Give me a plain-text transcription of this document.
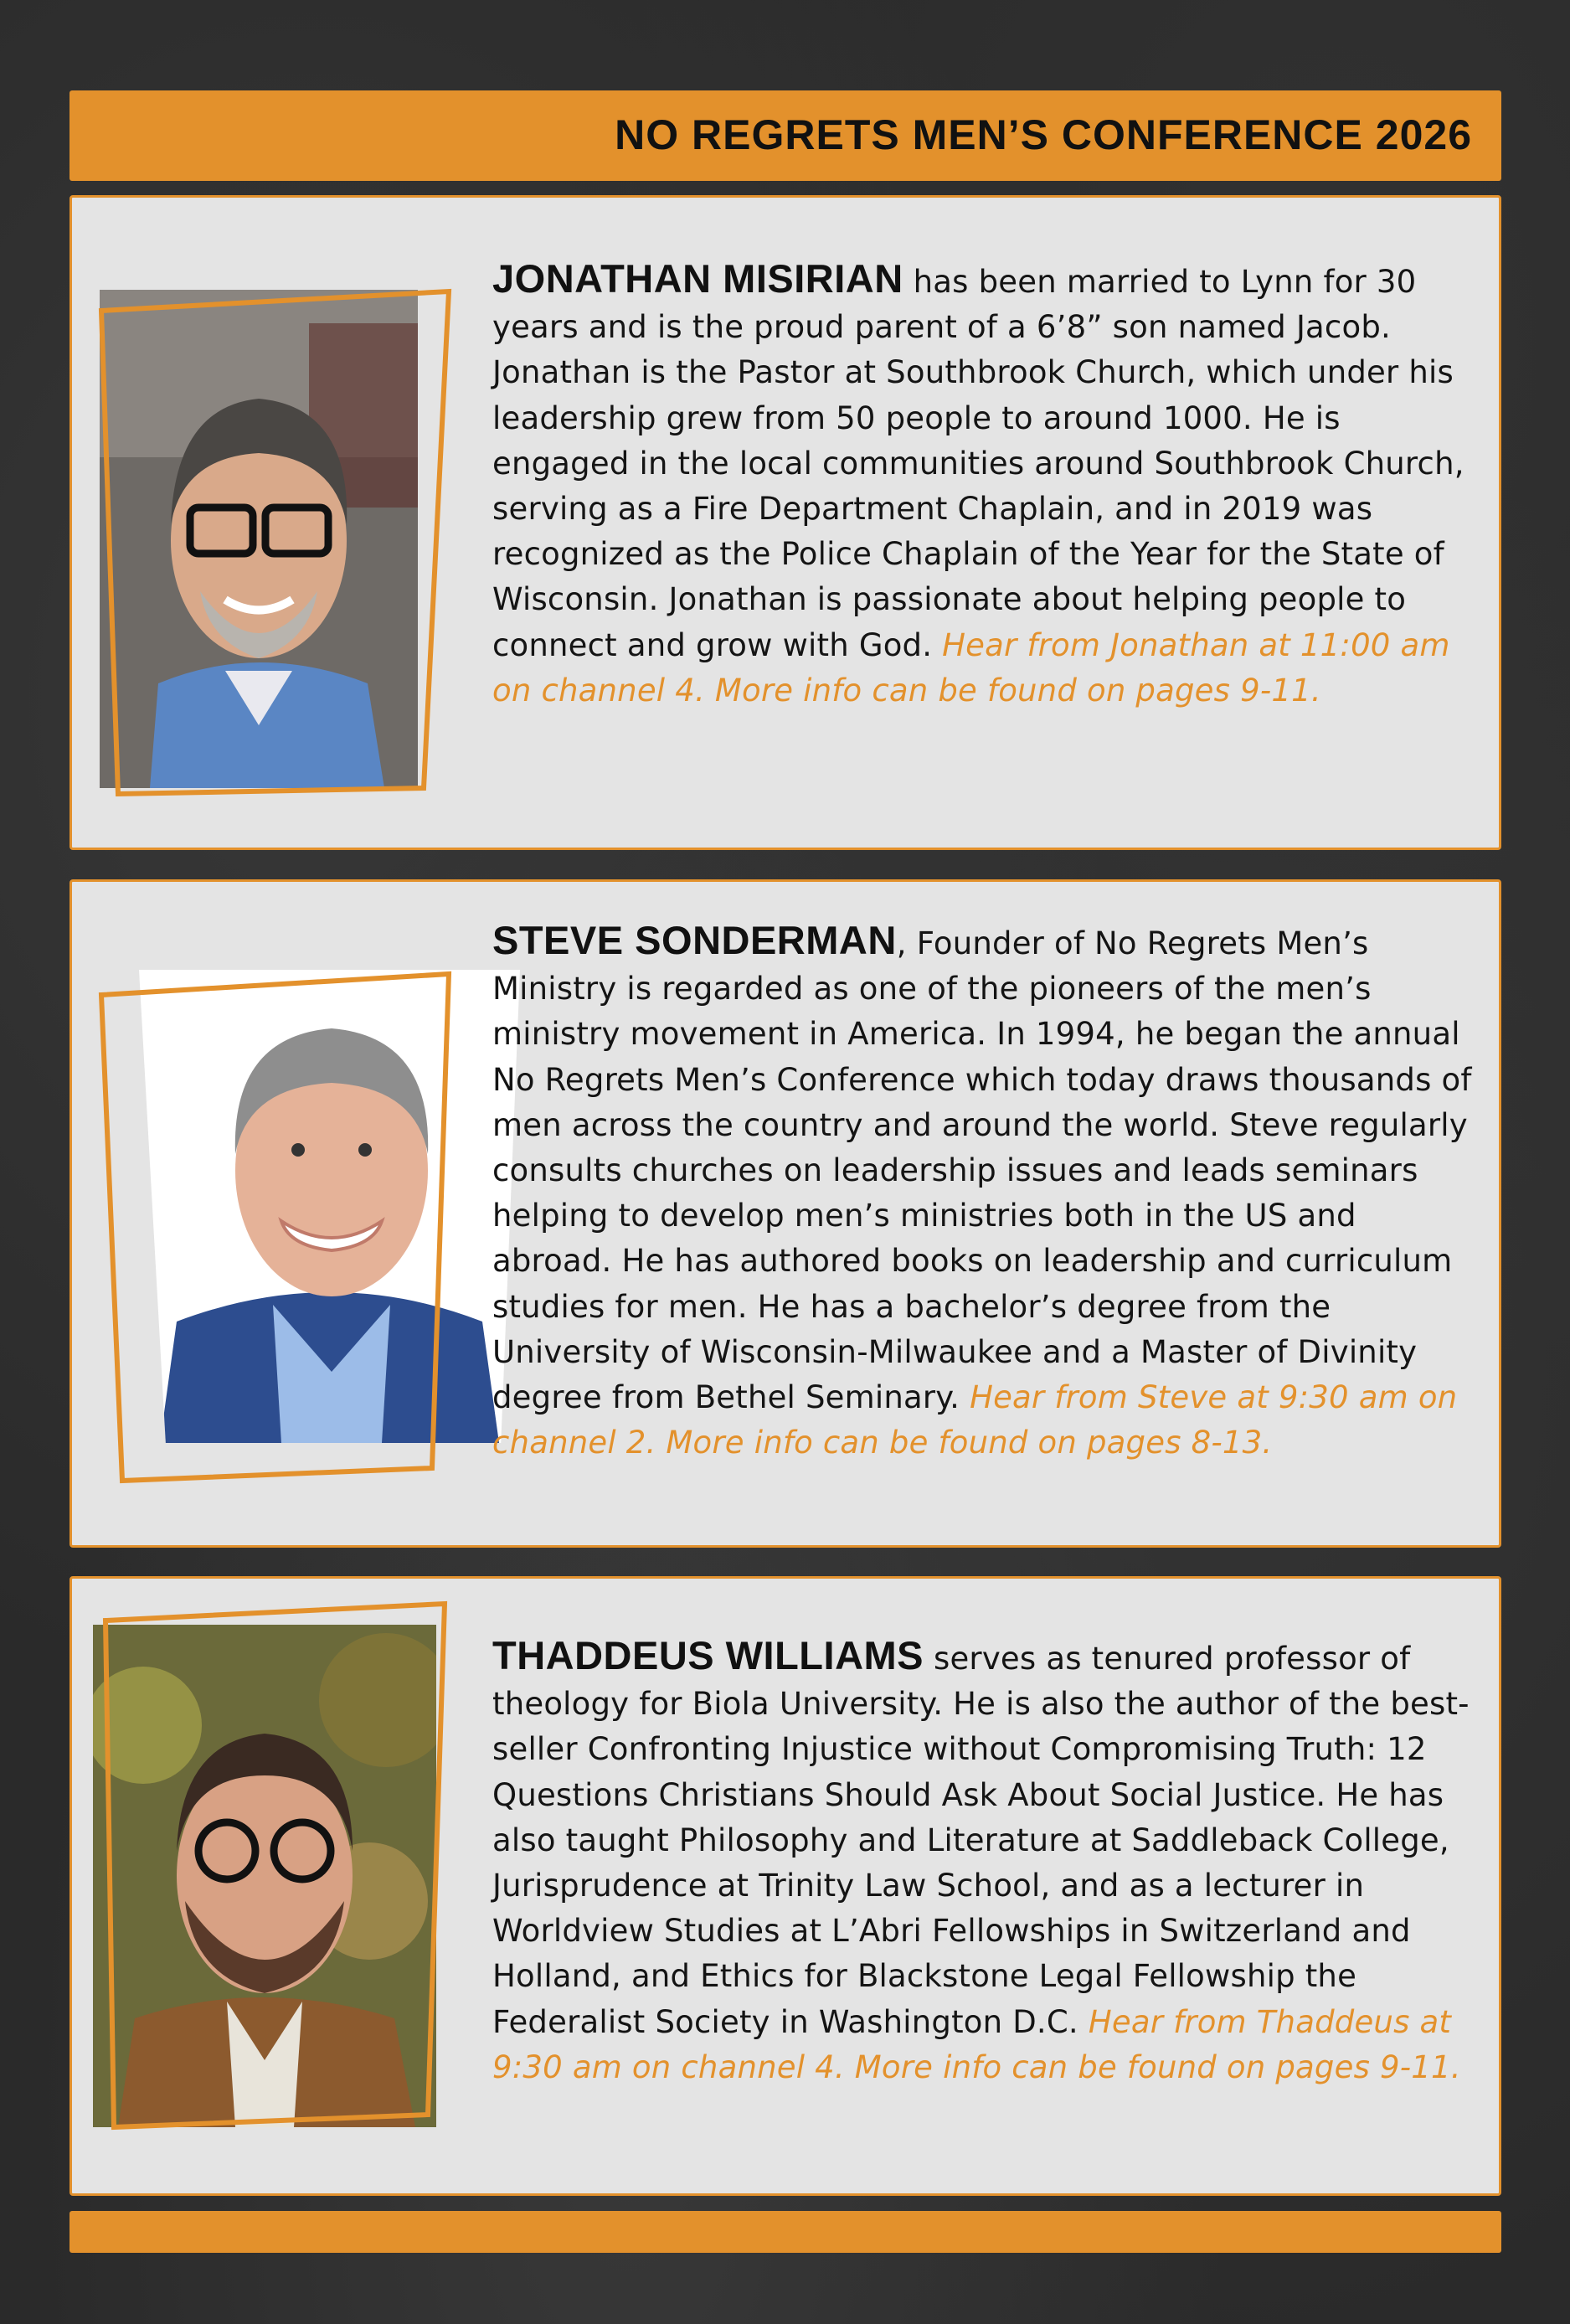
NO REGRETS MEN’S CONFERENCE 2026

JONATHAN MISIRIAN has been married to Lynn for 30 years and is the proud parent of a 6’8” son named Jacob. Jonathan is the Pastor at Southbrook Church, which under his leadership grew from 50 people to around 1000. He is engaged in the local communities around Southbrook Church, serving as a Fire Department Chaplain, and in 2019 was recognized as the Police Chaplain of the Year for the State of Wisconsin. Jonathan is passionate about helping people to connect and grow with God. Hear from Jonathan at 11:00 am on channel 4. More info can be found on pages 9-11.

STEVE SONDERMAN, Founder of No Regrets Men’s Ministry is regarded as one of the pioneers of the men’s ministry movement in America. In 1994, he began the annual No Regrets Men’s Conference which today draws thousands of men across the country and around the world. Steve regularly consults churches on leadership issues and leads seminars helping to develop men’s ministries both in the US and abroad. He has authored books on leadership and curriculum studies for men. He has a bachelor’s degree from the University of Wisconsin-Milwaukee and a Master of Divinity degree from Bethel Seminary. Hear from Steve at 9:30 am on channel 2. More info can be found on pages 8-13.

THADDEUS WILLIAMS serves as tenured professor of theology for Biola University. He is also the author of the best-seller Confronting Injustice without Compromising Truth: 12 Questions Christians Should Ask About Social Justice. He has also taught Philosophy and Literature at Saddleback College, Jurisprudence at Trinity Law School, and as a lecturer in Worldview Studies at L’Abri Fellowships in Switzerland and Holland, and Ethics for Blackstone Legal Fellowship the Federalist Society in Washington D.C. Hear from Thaddeus at 9:30 am on channel 4. More info can be found on pages 9-11.
